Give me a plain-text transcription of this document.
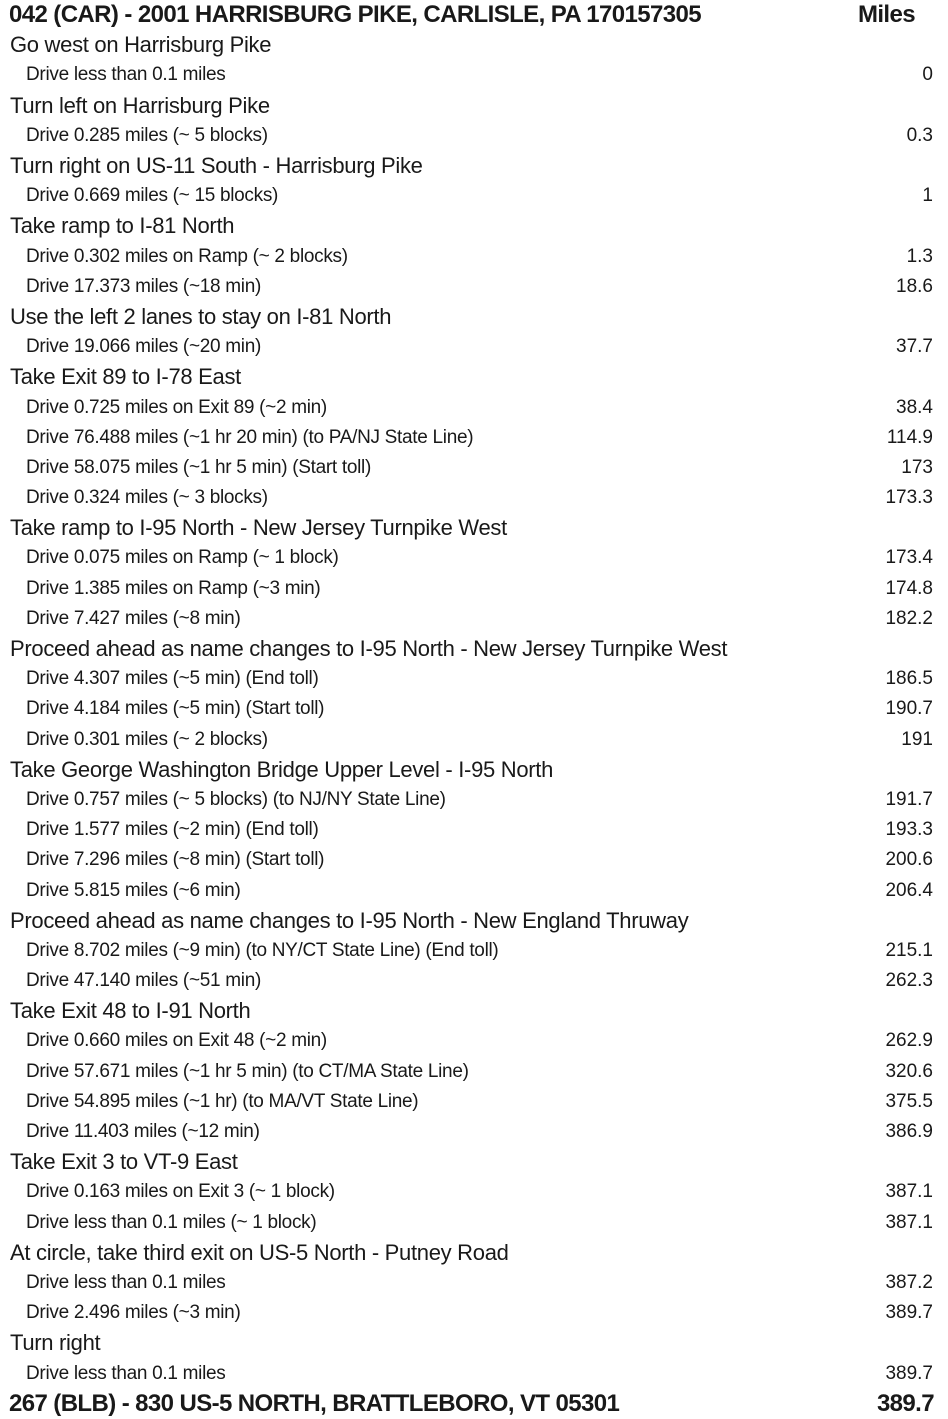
042 (CAR) - 2001 HARRISBURG PIKE, CARLISLE, PA 170157305	Miles
Go west on Harrisburg Pike
Drive less than 0.1 miles	0
Turn left on Harrisburg Pike
Drive 0.285 miles (~ 5 blocks)	0.3
Turn right on US-11 South - Harrisburg Pike
Drive 0.669 miles (~ 15 blocks)	1
Take ramp to I-81 North
Drive 0.302 miles on Ramp (~ 2 blocks)	1.3
Drive 17.373 miles (~18 min)	18.6
Use the left 2 lanes to stay on I-81 North
Drive 19.066 miles (~20 min)	37.7
Take Exit 89 to I-78 East
Drive 0.725 miles on Exit 89 (~2 min)	38.4
Drive 76.488 miles (~1 hr 20 min) (to PA/NJ State Line)	114.9
Drive 58.075 miles (~1 hr 5 min) (Start toll)	173
Drive 0.324 miles (~ 3 blocks)	173.3
Take ramp to I-95 North - New Jersey Turnpike West
Drive 0.075 miles on Ramp (~ 1 block)	173.4
Drive 1.385 miles on Ramp (~3 min)	174.8
Drive 7.427 miles (~8 min)	182.2
Proceed ahead as name changes to I-95 North - New Jersey Turnpike West
Drive 4.307 miles (~5 min) (End toll)	186.5
Drive 4.184 miles (~5 min) (Start toll)	190.7
Drive 0.301 miles (~ 2 blocks)	191
Take George Washington Bridge Upper Level - I-95 North
Drive 0.757 miles (~ 5 blocks) (to NJ/NY State Line)	191.7
Drive 1.577 miles (~2 min) (End toll)	193.3
Drive 7.296 miles (~8 min) (Start toll)	200.6
Drive 5.815 miles (~6 min)	206.4
Proceed ahead as name changes to I-95 North - New England Thruway
Drive 8.702 miles (~9 min) (to NY/CT State Line) (End toll)	215.1
Drive 47.140 miles (~51 min)	262.3
Take Exit 48 to I-91 North
Drive 0.660 miles on Exit 48 (~2 min)	262.9
Drive 57.671 miles (~1 hr 5 min) (to CT/MA State Line)	320.6
Drive 54.895 miles (~1 hr) (to MA/VT State Line)	375.5
Drive 11.403 miles (~12 min)	386.9
Take Exit 3 to VT-9 East
Drive 0.163 miles on Exit 3 (~ 1 block)	387.1
Drive less than 0.1 miles (~ 1 block)	387.1
At circle, take third exit on US-5 North - Putney Road
Drive less than 0.1 miles	387.2
Drive 2.496 miles (~3 min)	389.7
Turn right
Drive less than 0.1 miles	389.7
267 (BLB) - 830 US-5 NORTH, BRATTLEBORO, VT 05301	389.7
